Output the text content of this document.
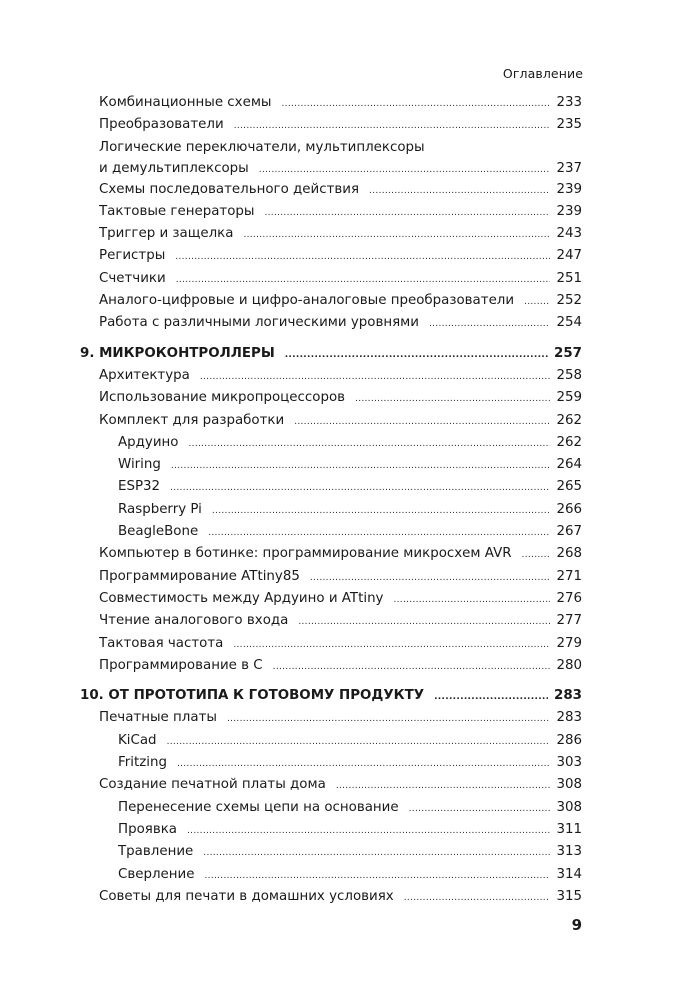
Оглавление
Комбинационные схемы .....	233
Преобразователи .....	235
Логические переключатели, мультиплексоры
и демультиплексоры .....	237
Схемы последовательного действия .....	239
Тактовые генераторы .....	239
Триггер и защелка .....	243
Регистры .....	247
Счетчики .....	251
Аналого-цифровые и цифро-аналоговые преобразователи .....	252
Работа с различными логическими уровнями .....	254
9. МИКРОКОНТРОЛЛЕРЫ .....	257
Архитектура .....	258
Использование микропроцессоров .....	259
Комплект для разработки .....	262
Ардуино .....	262
Wiring .....	264
ESP32 .....	265
Raspberry Pi .....	266
BeagleBone .....	267
Компьютер в ботинке: программирование микросхем AVR .....	268
Программирование ATtiny85 .....	271
Совместимость между Ардуино и ATtiny .....	276
Чтение аналогового входа .....	277
Тактовая частота .....	279
Программирование в C .....	280
10. ОТ ПРОТОТИПА К ГОТОВОМУ ПРОДУКТУ .....	283
Печатные платы .....	283
KiCad .....	286
Fritzing .....	303
Создание печатной платы дома .....	308
Перенесение схемы цепи на основание .....	308
Проявка .....	311
Травление .....	313
Сверление .....	314
Советы для печати в домашних условиях .....	315
9
